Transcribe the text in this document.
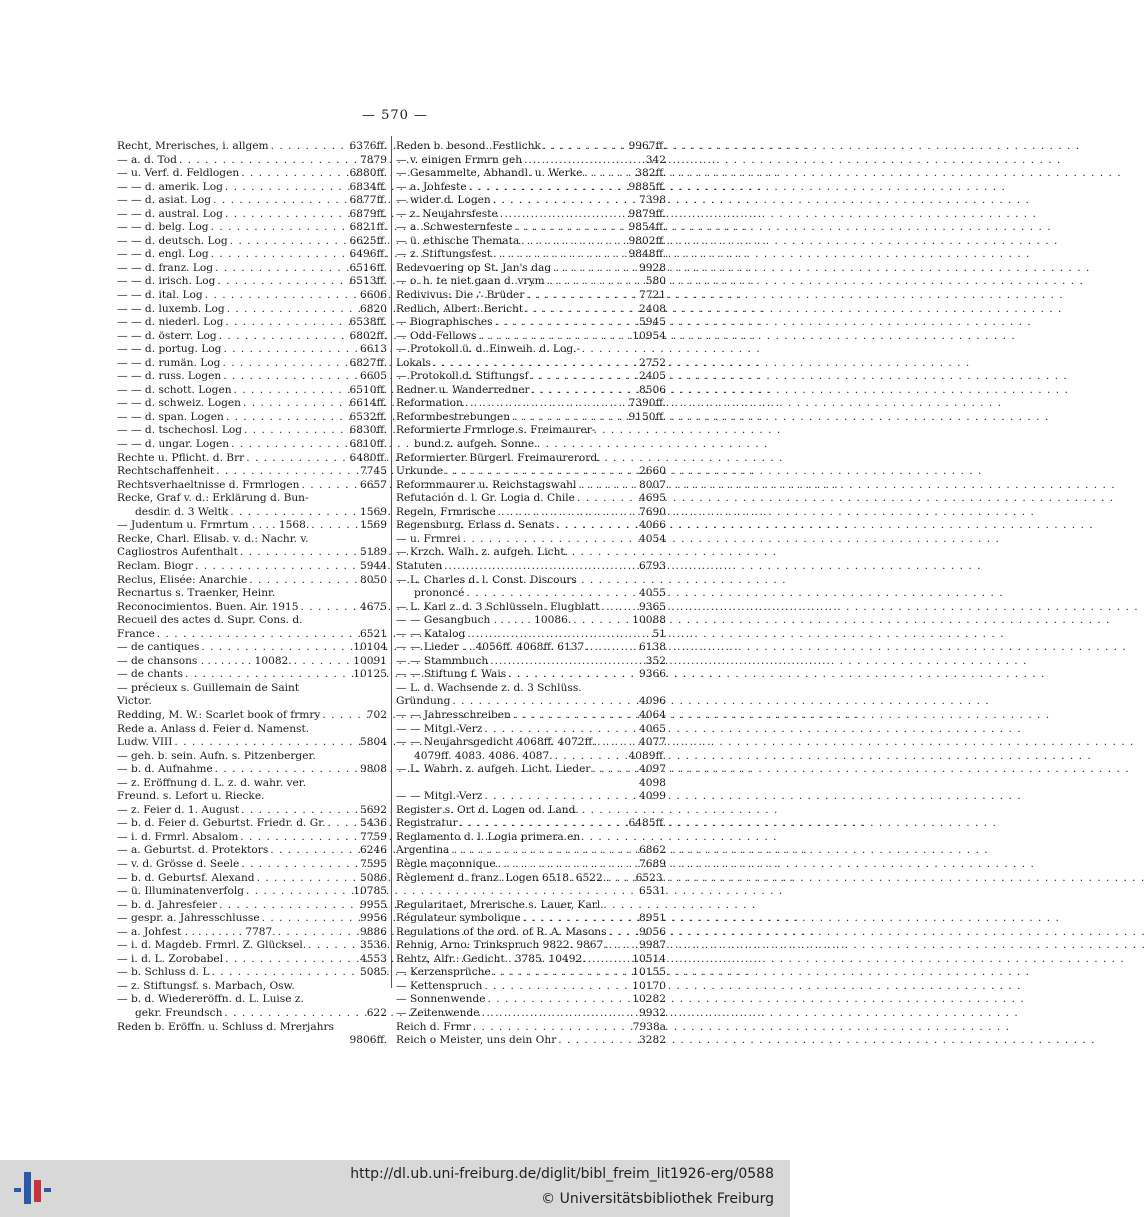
— 570 —
Recht, Mrerisches, i. allgem . . .	6376ff.
— a. d. Tod . . .	7879
— u. Verf. d. Feldlogen . . .	6880ff.
— — d. amerik. Log . . .	6834ff.
— — d. asiat. Log . . .	6877ff.
— — d. austral. Log . . .	6879ff.
— — d. belg. Log . . .	6821ff.
— — d. deutsch. Log . . .	6625ff.
— — d. engl. Log . . .	6496ff.
— — d. franz. Log . . .	6516ff.
— — d. irisch. Log . . .	6513ff.
— — d. ital. Log . . .	6606
— — d. luxemb. Log . . .	6820
— — d. niederl. Log . . .	6538ff.
— — d. österr. Log . . .	6802ff.
— — d. portug. Log . . .	6613
— — d. rumän. Log . . .	6827ff.
— — d. russ. Logen . . .	6605
— — d. schott. Logen . . .	6510ff.
— — d. schweiz. Logen . . .	6614ff.
— — d. span. Logen . . .	6532ff.
— — d. tschechosl. Log . . .	6830ff.
— — d. ungar. Logen . . .	6810ff.
Rechte u. Pflicht. d. Brr . . .	6480ff.
Rechtschaffenheit . . .	7745
Rechtsverhaeltnisse d. Frmrlogen . . .	6657
Recke, Graf v. d.: Erklärung d. Bun-
desdir. d. 3 Weltk . . .	1569
— Judentum u. Frmrtum . . . . 1568. . . .	1569
Recke, Charl. Elisab. v. d.: Nachr. v.
Cagliostros Aufenthalt . . .	5189
Reclam. Biogr . . .	5944
Reclus, Elisée: Anarchie . . .	8050
Recnartus s. Traenker, Heinr.
Reconocimientos. Buen. Air. 1915 . . .	4675
Recueil des actes d. Supr. Cons. d.
France . . .	6521
— de cantiques . . .	10104
— de chansons . . . . . . . . 10082. . . .	10091
— de chants . . .	10125
— précieux s. Guillemain de Saint
Victor.
Redding, M. W.: Scarlet book of frmry . . .	702
Rede a. Anlass d. Feier d. Namenst.
Ludw. VIII . . .	5804
— geh. b. sein. Aufn. s. Pitzenberger.
— b. d. Aufnahme . . .	9808
— z. Eröffnung d. L. z. d. wahr. ver.
Freund. s. Lefort u. Riecke.
— z. Feier d. 1. August . . .	5692
— b. d. Feier d. Geburtst. Friedr. d. Gr. . . .	5436
— i. d. Frmrl. Absalom . . .	7759
— a. Geburtst. d. Protektors . . .	6246
— v. d. Grösse d. Seele . . .	7595
— b. d. Geburtsf. Alexand . . .	5086
— ü. Illuminatenverfolg . . .	10785
— b. d. Jahresfeier . . .	9955
— gespr. a. Jahresschlusse . . .	9956
— a. Johfest . . . . . . . . . 7787. . . .	9886
— i. d. Magdeb. Frmrl. Z. Glücksel. . . .	3536
— i. d. L. Zorobabel . . .	4553
— b. Schluss d. L . . .	5085
— z. Stiftungsf. s. Marbach, Osw.
— b. d. Wiedereröffn. d. L. Luise z.
gekr. Freundsch . . .	622
Reden b. Eröffn. u. Schluss d. Mrerjahrs
9806ff.
Reden b. besond. Festlichk . . .	9967ff.
— v. einigen Frmrn geh . . .	342
— Gesammelte, Abhandl. u. Werke . . .	382ff.
— a. Johfeste . . .	9885ff.
— wider d. Logen . . .	7398
— z. Neujahrsfeste . . .	9879ff.
— a. Schwesternfeste . . .	9854ff.
— ü. ethische Themata . . .	9802ff.
— z. Stiftungsfest . . .	9848ff.
Redevoering op St. Jan's dag . . .	9928
— o. h. te niet gaan d. vrym . . .	580
Redivivus: Die ∴ Brüder . . .	7721
Redlich, Albert: Bericht . . .	2408
— Biographisches . . .	5945
— Odd-Fellows . . .	10954
— Protokoll ü. d. Einweih. d. Log.-
Lokals . . .	2752
— Protokoll d. Stiftungsf . . .	2405
Redner u. Wanderredner . . .	8506
Reformation . . .	7390ff.
Reformbestrebungen . . .	9150ff.
Reformierte Frmrloge s. Freimaurer-
bund z. aufgeh. Sonne.
Reformierter Bürgerl. Freimaurerord.
Urkunde . . .	2660
Reformmaurer u. Reichstagswahl . . .	8007
Refutación d. l. Gr. Logia d. Chile . . .	4695
Regeln, Frmrische . . .	7690
Regensburg. Erlass d. Senats . . .	4066
— u. Frmrei . . .	4054
— Krzch. Walh. z. aufgeh. Licht.
Statuten . . .	6793
— L. Charles d. l. Const. Discours
prononcé . . .	4055
— L. Karl z. d. 3 Schlüsseln. Flugblatt . . .	9365
— — Gesangbuch . . . . . . 10086. . . .	10088
— — Katalog . . .	51
— — Lieder . . 4056ff. 4068ff. 6137. . . .	6138
— — Stammbuch . . .	352
— — Stiftung f. Wais . . .	9366
— L. d. Wachsende z. d. 3 Schlüss.
Gründung . . .	4096
— — Jahresschreiben . . .	4064
— — Mitgl.-Verz . . .	4065
— — Neujahrsgedicht 4068ff. 4072ff. . . .	4077
4079ff. 4083. 4086. 4087. . . .	4089ff.
— L. Wahrh. z. aufgeh. Licht. Lieder . . .	4097
4098
— — Mitgl.-Verz . . .	4099
Register s. Ort d. Logen od. Land.
Registratur . . .	6485ff.
Reglamento d. l. Logia primera en
Argentina . . .	6862
Règle maçonnique . . .	7689
Règlement d. franz. Logen 6518. 6522. . . .	6523.
6531
Regularitaet, Mrerische s. Lauer, Karl.
Régulateur symbolique . . .	8951
Regulations of the ord. of R. A. Masons . . .	9056
Rehnig, Arno: Trinkspruch 9822. 9867. . . .	9987
Rehtz, Alfr.: Gedicht . 3785. 10492. . . .	10514
— Kerzensprüche . . .	10155
— Kettenspruch . . .	10170
— Sonnenwende . . .	10282
— Zeitenwende . . .	9932
Reich d. Frmr . . .	7938a
Reich o Meister, uns dein Ohr . . .	3282
http://dl.ub.uni-freiburg.de/diglit/bibl_freim_lit1926-erg/0588
© Universitätsbibliothek Freiburg
